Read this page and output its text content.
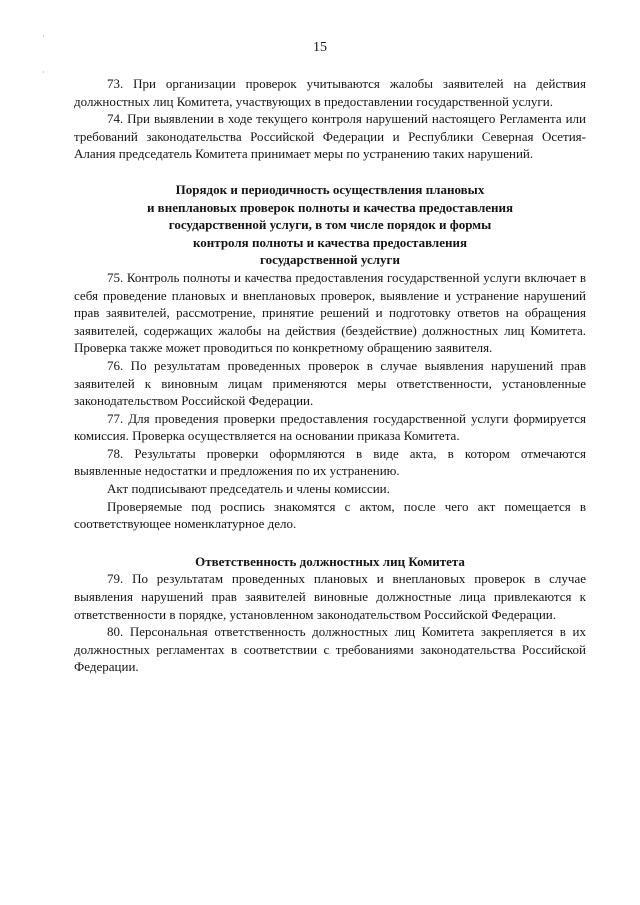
15
·
·

73. При организации проверок учитываются жалобы заявителей на действия должностных лиц Комитета, участвующих в предоставлении государственной услуги.

74. При выявлении в ходе текущего контроля нарушений настоящего Регламента или требований законодательства Российской Федерации и Республики Северная Осетия-Алания председатель Комитета принимает меры по устранению таких нарушений.

Порядок и периодичность осуществления плановых
и внеплановых проверок полноты и качества предоставления
государственной услуги, в том числе порядок и формы
контроля полноты и качества предоставления
государственной услуги

75. Контроль полноты и качества предоставления государственной услуги включает в себя проведение плановых и внеплановых проверок, выявление и устранение нарушений прав заявителей, рассмотрение, принятие решений и подготовку ответов на обращения заявителей, содержащих жалобы на действия (бездействие) должностных лиц Комитета. Проверка также может проводиться по конкретному обращению заявителя.

76. По результатам проведенных проверок в случае выявления нарушений прав заявителей к виновным лицам применяются меры ответственности, установленные законодательством Российской Федерации.

77. Для проведения проверки предоставления государственной услуги формируется комиссия. Проверка осуществляется на основании приказа Комитета.

78. Результаты проверки оформляются в виде акта, в котором отмечаются выявленные недостатки и предложения по их устранению.

Акт подписывают председатель и члены комиссии.

Проверяемые под роспись знакомятся с актом, после чего акт помещается в соответствующее номенклатурное дело.

Ответственность должностных лиц Комитета

79. По результатам проведенных плановых и внеплановых проверок в случае выявления нарушений прав заявителей виновные должностные лица привлекаются к ответственности в порядке, установленном законодательством Российской Федерации.

80. Персональная ответственность должностных лиц Комитета закрепляется в их должностных регламентах в соответствии с требованиями законодательства Российской Федерации.
